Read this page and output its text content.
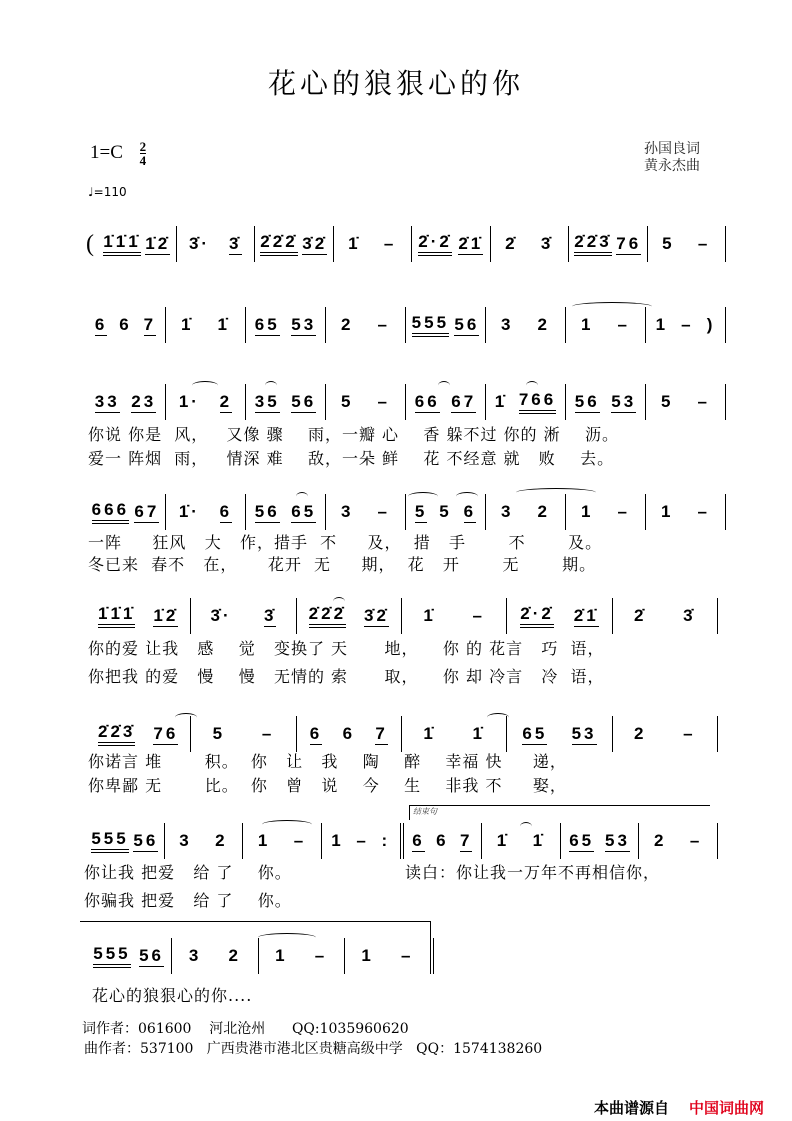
花心的狼狠心的你
$1=C \frac{2}{4}$	孙国良词
黄永杰曲
♩=110
( 1̇1̇1̇ 1̇2̇ 3̇· 3̇ 2̇2̇2̇ 3̇2̇ 1̇ – 2̇·2̇ 2̇1̇ 2̇ 3̇ 2̇2̇3̇ 76 5 –
6 6 7 1̇ 1̇ 65 53 2 – 555 56 3 2 1 – 1 – )
33 23 1· 2 35 56 5 – 66 67 1̇ 766 56 53 5 –
你说 你是  风，   又像 骤    雨，一瓣 心    香 躲不过 你的 淅    沥。
爱一 阵烟  雨，   情深 难    敌，一朵 鲜    花 不经意 就   败    去。
666 67 1̇· 6 56 65 3 – 5 5 6 3 2 1 – 1 –
一阵     狂风   大   作，措手  不     及，  措   手       不       及。
冬已来  春不   在，     花开  无     期，  花   开       无       期。
1̇1̇1̇ 1̇2̇ 3̇· 3̇ 2̇2̇2̇ 3̇2̇ 1̇ – 2̇·2̇ 2̇1̇ 2̇ 3̇
你的爱 让我   感    觉   变换了 天      地，    你 的 花言   巧  语，
你把我 的爱   慢    慢   无情的 索      取，    你 却 冷言   冷  语，
2̇2̇3̇ 76 5 – 6 6 7 1̇ 1̇ 65 53 2 –
你诺言 堆       积。  你   让   我    陶    醉    幸福 快     递，
你卑鄙 无       比。  你   曾   说    今    生    非我 不     娶，
结束句
555 56 3 2 1 – 1 – : 6 6 7 1̇ 1̇ 65 53 2 –
你让我 把爱   给 了    你。
你骗我 把爱   给 了    你。
读白：你让我一万年不再相信你，
555 56 3 2 1 – 1 –
花心的狼狠心的你....
词作者：061600    河北沧州      QQ:1035960620
曲作者：537100   广西贵港市港北区贵糖高级中学   QQ：1574138260
本曲谱源自 中国词曲网
